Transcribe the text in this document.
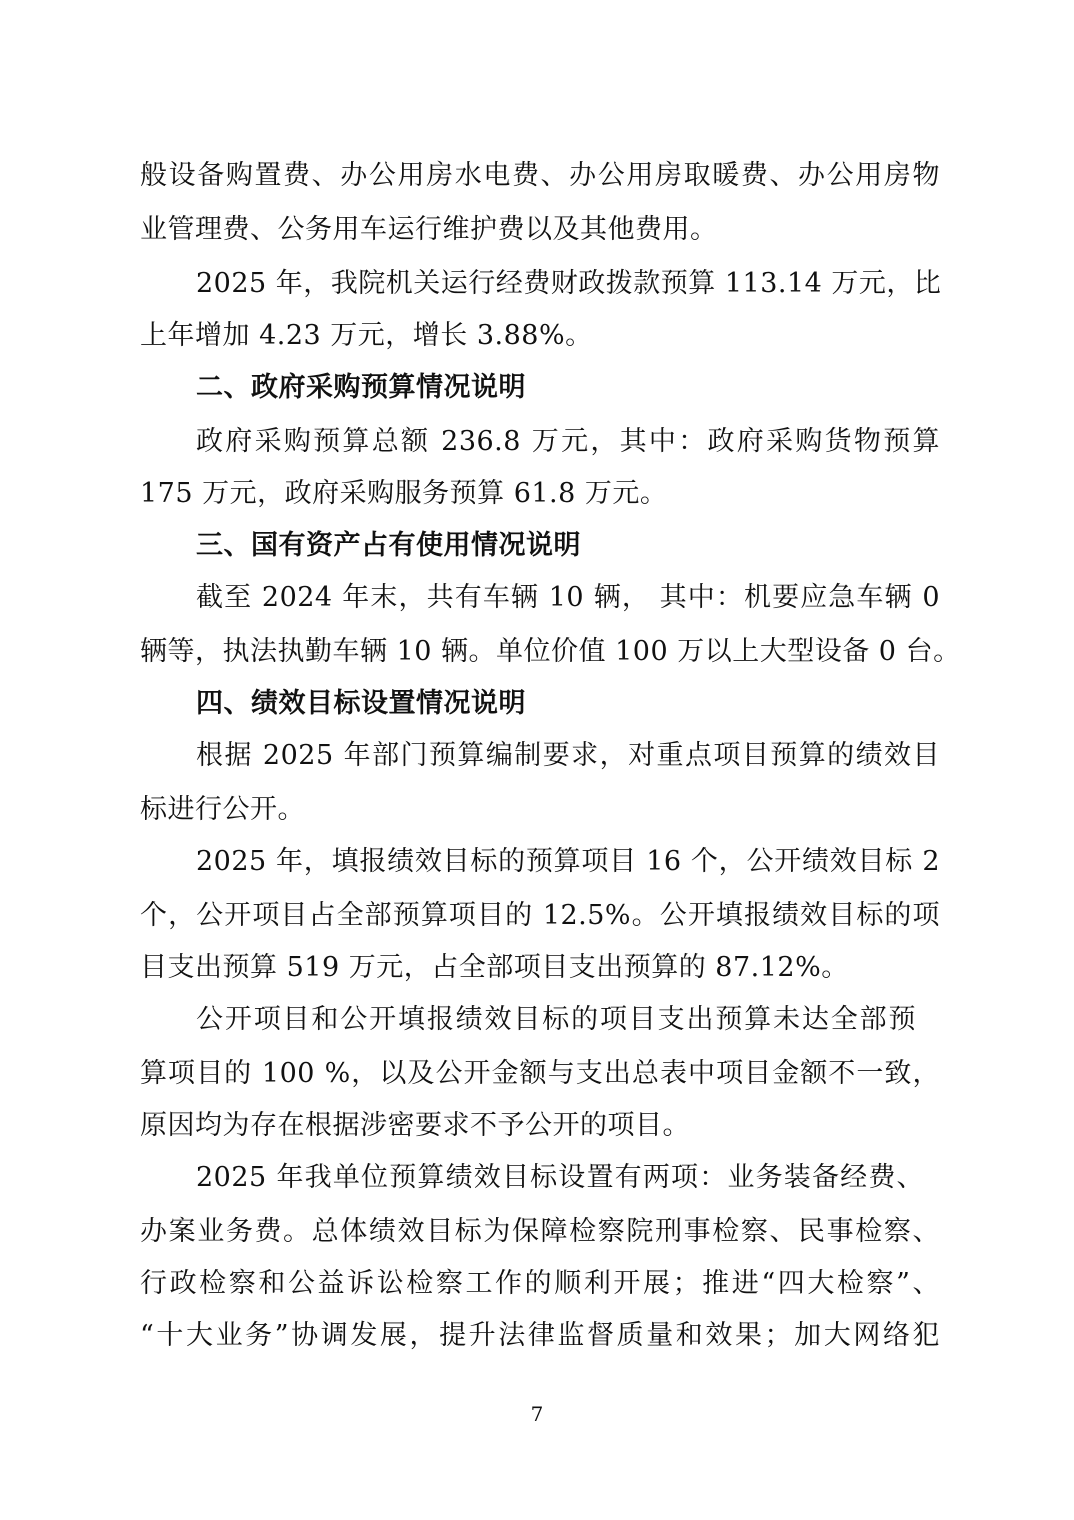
般设备购置费、办公用房水电费、办公用房取暖费、办公用房物
业管理费、公务用车运行维护费以及其他费用。
2025 年，我院机关运行经费财政拨款预算 113.14 万元，比
上年增加 4.23 万元，增长 3.88%。
二、政府采购预算情况说明
政府采购预算总额 236.8 万元，其中：政府采购货物预算
175 万元，政府采购服务预算 61.8 万元。
三、国有资产占有使用情况说明
截至 2024 年末，共有车辆 10 辆， 其中：机要应急车辆 0
辆等，执法执勤车辆 10 辆。单位价值 100 万以上大型设备 0 台。
四、绩效目标设置情况说明
根据 2025 年部门预算编制要求，对重点项目预算的绩效目
标进行公开。
2025 年，填报绩效目标的预算项目 16 个，公开绩效目标 2
个，公开项目占全部预算项目的 12.5%。公开填报绩效目标的项
目支出预算 519 万元，占全部项目支出预算的 87.12%。
公开项目和公开填报绩效目标的项目支出预算未达全部预
算项目的 100 %，以及公开金额与支出总表中项目金额不一致，
原因均为存在根据涉密要求不予公开的项目。
2025 年我单位预算绩效目标设置有两项：业务装备经费、
办案业务费。总体绩效目标为保障检察院刑事检察、民事检察、
行政检察和公益诉讼检察工作的顺利开展；推进“四大检察”、
“十大业务”协调发展，提升法律监督质量和效果；加大网络犯
7
